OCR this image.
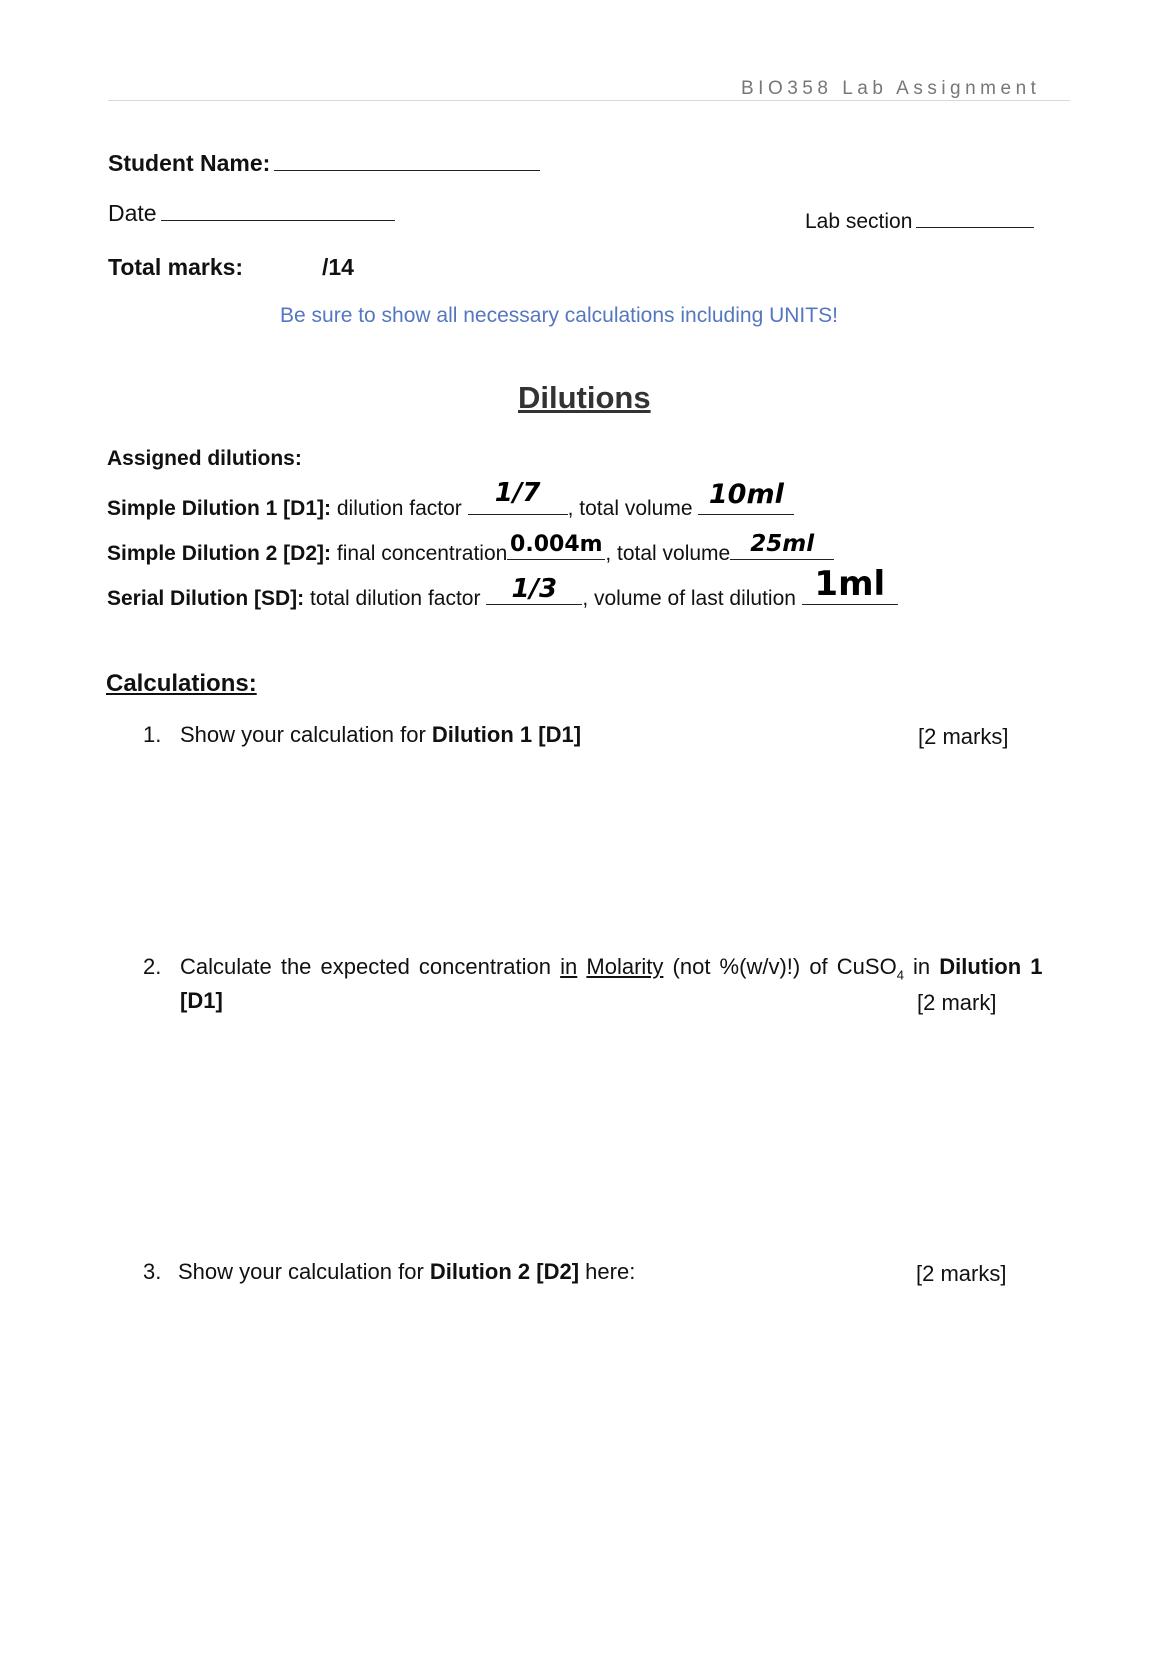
BIO358 Lab Assignment
Student Name:
Date	Lab section
Total marks:	/14
Be sure to show all necessary calculations including UNITS!
Dilutions
Assigned dilutions:
Simple Dilution 1 [D1]: dilution factor
1/7
, total volume 10ml
Simple Dilution 2 [D2]: final concentration 0.004m , total volume 25ml
Serial Dilution [SD]: total dilution factor	1/3	, volume of last dilution 1ml
Calculations:
1. Show your calculation for Dilution 1 [D1]	[2 marks]
2. Calculate the expected concentration in Molarity (not %(w/v)!) of CuSO$_4$ in Dilution 1
[D1]	[2 mark]
3. Show your calculation for Dilution 2 [D2] here:	[2 marks]
